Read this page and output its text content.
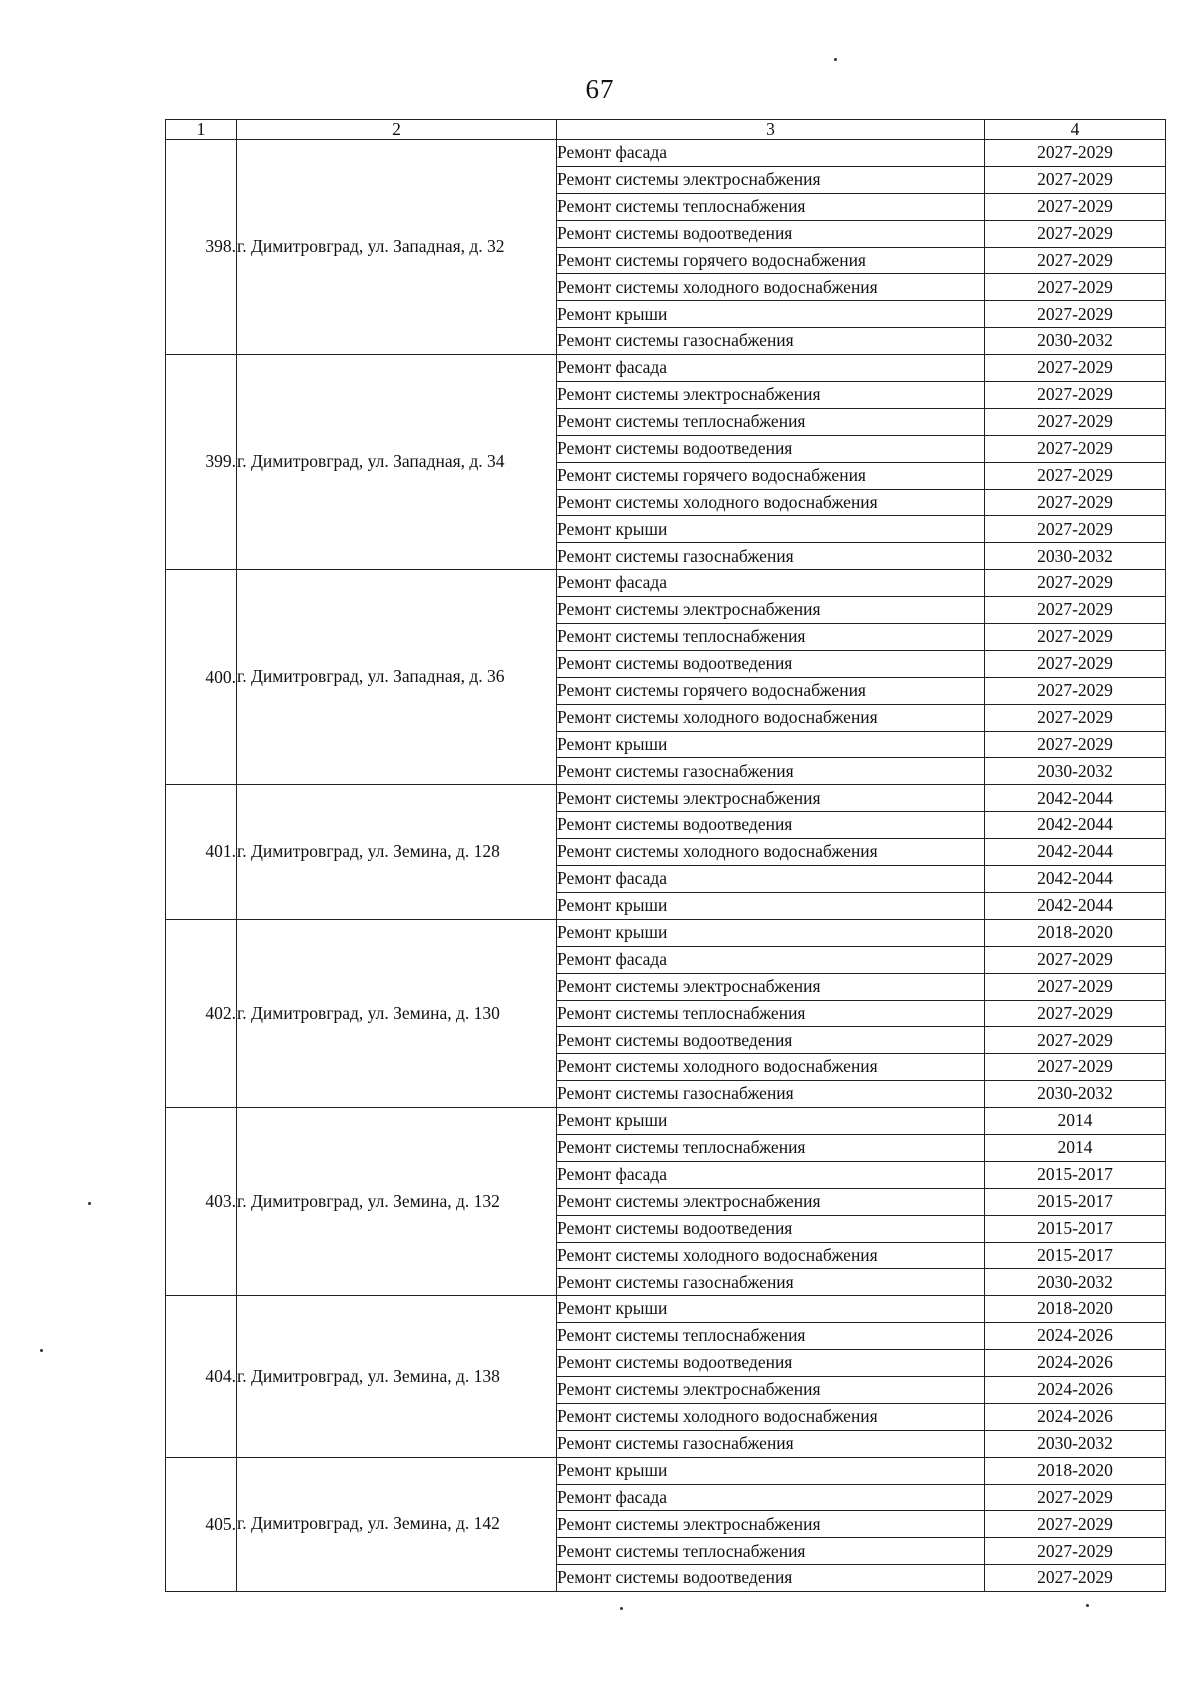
67
1	2	3	4
398.	г. Димитровград, ул. Западная, д. 32	Ремонт фасада	2027-2029
		Ремонт системы электроснабжения	2027-2029
		Ремонт системы теплоснабжения	2027-2029
		Ремонт системы водоотведения	2027-2029
		Ремонт системы горячего водоснабжения	2027-2029
		Ремонт системы холодного водоснабжения	2027-2029
		Ремонт крыши	2027-2029
		Ремонт системы газоснабжения	2030-2032
399.	г. Димитровград, ул. Западная, д. 34	Ремонт фасада	2027-2029
		Ремонт системы электроснабжения	2027-2029
		Ремонт системы теплоснабжения	2027-2029
		Ремонт системы водоотведения	2027-2029
		Ремонт системы горячего водоснабжения	2027-2029
		Ремонт системы холодного водоснабжения	2027-2029
		Ремонт крыши	2027-2029
		Ремонт системы газоснабжения	2030-2032
400.	г. Димитровград, ул. Западная, д. 36	Ремонт фасада	2027-2029
		Ремонт системы электроснабжения	2027-2029
		Ремонт системы теплоснабжения	2027-2029
		Ремонт системы водоотведения	2027-2029
		Ремонт системы горячего водоснабжения	2027-2029
		Ремонт системы холодного водоснабжения	2027-2029
		Ремонт крыши	2027-2029
		Ремонт системы газоснабжения	2030-2032
401.	г. Димитровград, ул. Земина, д. 128	Ремонт системы электроснабжения	2042-2044
		Ремонт системы водоотведения	2042-2044
		Ремонт системы холодного водоснабжения	2042-2044
		Ремонт фасада	2042-2044
		Ремонт крыши	2042-2044
402.	г. Димитровград, ул. Земина, д. 130	Ремонт крыши	2018-2020
		Ремонт фасада	2027-2029
		Ремонт системы электроснабжения	2027-2029
		Ремонт системы теплоснабжения	2027-2029
		Ремонт системы водоотведения	2027-2029
		Ремонт системы холодного водоснабжения	2027-2029
		Ремонт системы газоснабжения	2030-2032
403.	г. Димитровград, ул. Земина, д. 132	Ремонт крыши	2014
		Ремонт системы теплоснабжения	2014
		Ремонт фасада	2015-2017
		Ремонт системы электроснабжения	2015-2017
		Ремонт системы водоотведения	2015-2017
		Ремонт системы холодного водоснабжения	2015-2017
		Ремонт системы газоснабжения	2030-2032
404.	г. Димитровград, ул. Земина, д. 138	Ремонт крыши	2018-2020
		Ремонт системы теплоснабжения	2024-2026
		Ремонт системы водоотведения	2024-2026
		Ремонт системы электроснабжения	2024-2026
		Ремонт системы холодного водоснабжения	2024-2026
		Ремонт системы газоснабжения	2030-2032
405.	г. Димитровград, ул. Земина, д. 142	Ремонт крыши	2018-2020
		Ремонт фасада	2027-2029
		Ремонт системы электроснабжения	2027-2029
		Ремонт системы теплоснабжения	2027-2029
		Ремонт системы водоотведения	2027-2029
